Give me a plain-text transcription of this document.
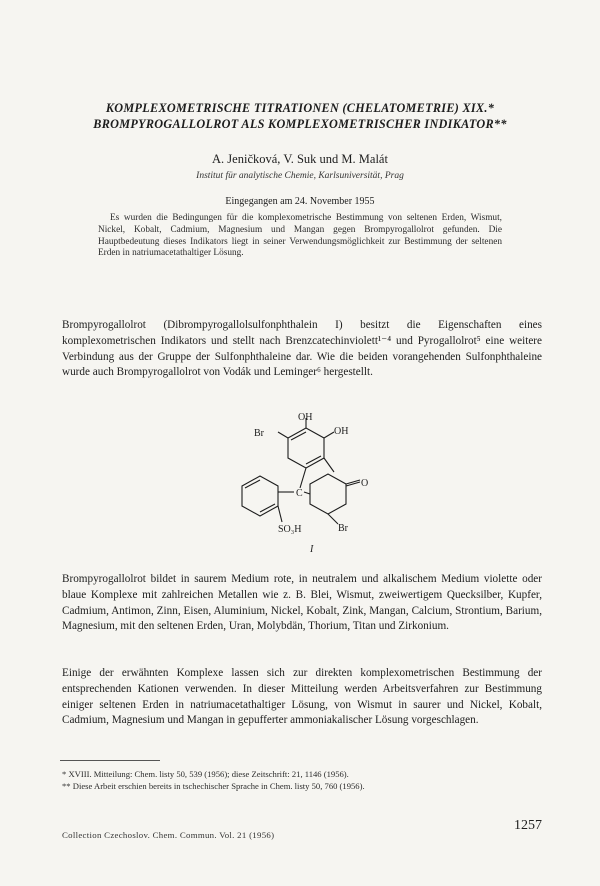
KOMPLEXOMETRISCHE TITRATIONEN (CHELATOMETRIE) XIX.*
BROMPYROGALLOLROT ALS KOMPLEXOMETRISCHER INDIKATOR**
A. Jeničková, V. Suk und M. Malát
Institut für analytische Chemie, Karlsuniversität, Prag
Eingegangen am 24. November 1955
Es wurden die Bedingungen für die komplexometrische Bestimmung von seltenen Erden, Wismut, Nickel, Kobalt, Cadmium, Magnesium und Mangan gegen Brompyrogallolrot gefunden. Die Hauptbedeutung dieses Indikators liegt in seiner Verwendungsmöglichkeit zur Bestimmung der seltenen Erden in natriumacetathaltiger Lösung.
Brompyrogallolrot (Dibrompyrogallolsulfonphthalein I) besitzt die Eigenschaften eines komplexometrischen Indikators und stellt nach Brenzcatechinviolett¹⁻⁴ und Pyrogallolrot⁵ eine weitere Verbindung aus der Gruppe der Sulfonphthaleine dar. Wie die beiden vorangehenden Sulfonphthaleine wurde auch Brompyrogallolrot von Vodák und Leminger⁶ hergestellt.
OH
OH
Br
C
O
Br
SO₃H
I
Brompyrogallolrot bildet in saurem Medium rote, in neutralem und alkalischem Medium violette oder blaue Komplexe mit zahlreichen Metallen wie z. B. Blei, Wismut, zweiwertigem Quecksilber, Kupfer, Cadmium, Antimon, Zinn, Eisen, Aluminium, Nickel, Kobalt, Zink, Mangan, Calcium, Strontium, Barium, Magnesium, mit den seltenen Erden, Uran, Molybdän, Thorium, Titan und Zirkonium.
Einige der erwähnten Komplexe lassen sich zur direkten komplexometrischen Bestimmung der entsprechenden Kationen verwenden. In dieser Mitteilung werden Arbeitsverfahren zur Bestimmung einiger seltenen Erden in natriumacetathaltiger Lösung, von Wismut in saurer und Nickel, Kobalt, Cadmium, Magnesium und Mangan in gepufferter ammoniakalischer Lösung vorgeschlagen.
* XVIII. Mitteilung: Chem. listy 50, 539 (1956); diese Zeitschrift: 21, 1146 (1956).
** Diese Arbeit erschien bereits in tschechischer Sprache in Chem. listy 50, 760 (1956).
Collection Czechoslov. Chem. Commun. Vol. 21 (1956)
1257
